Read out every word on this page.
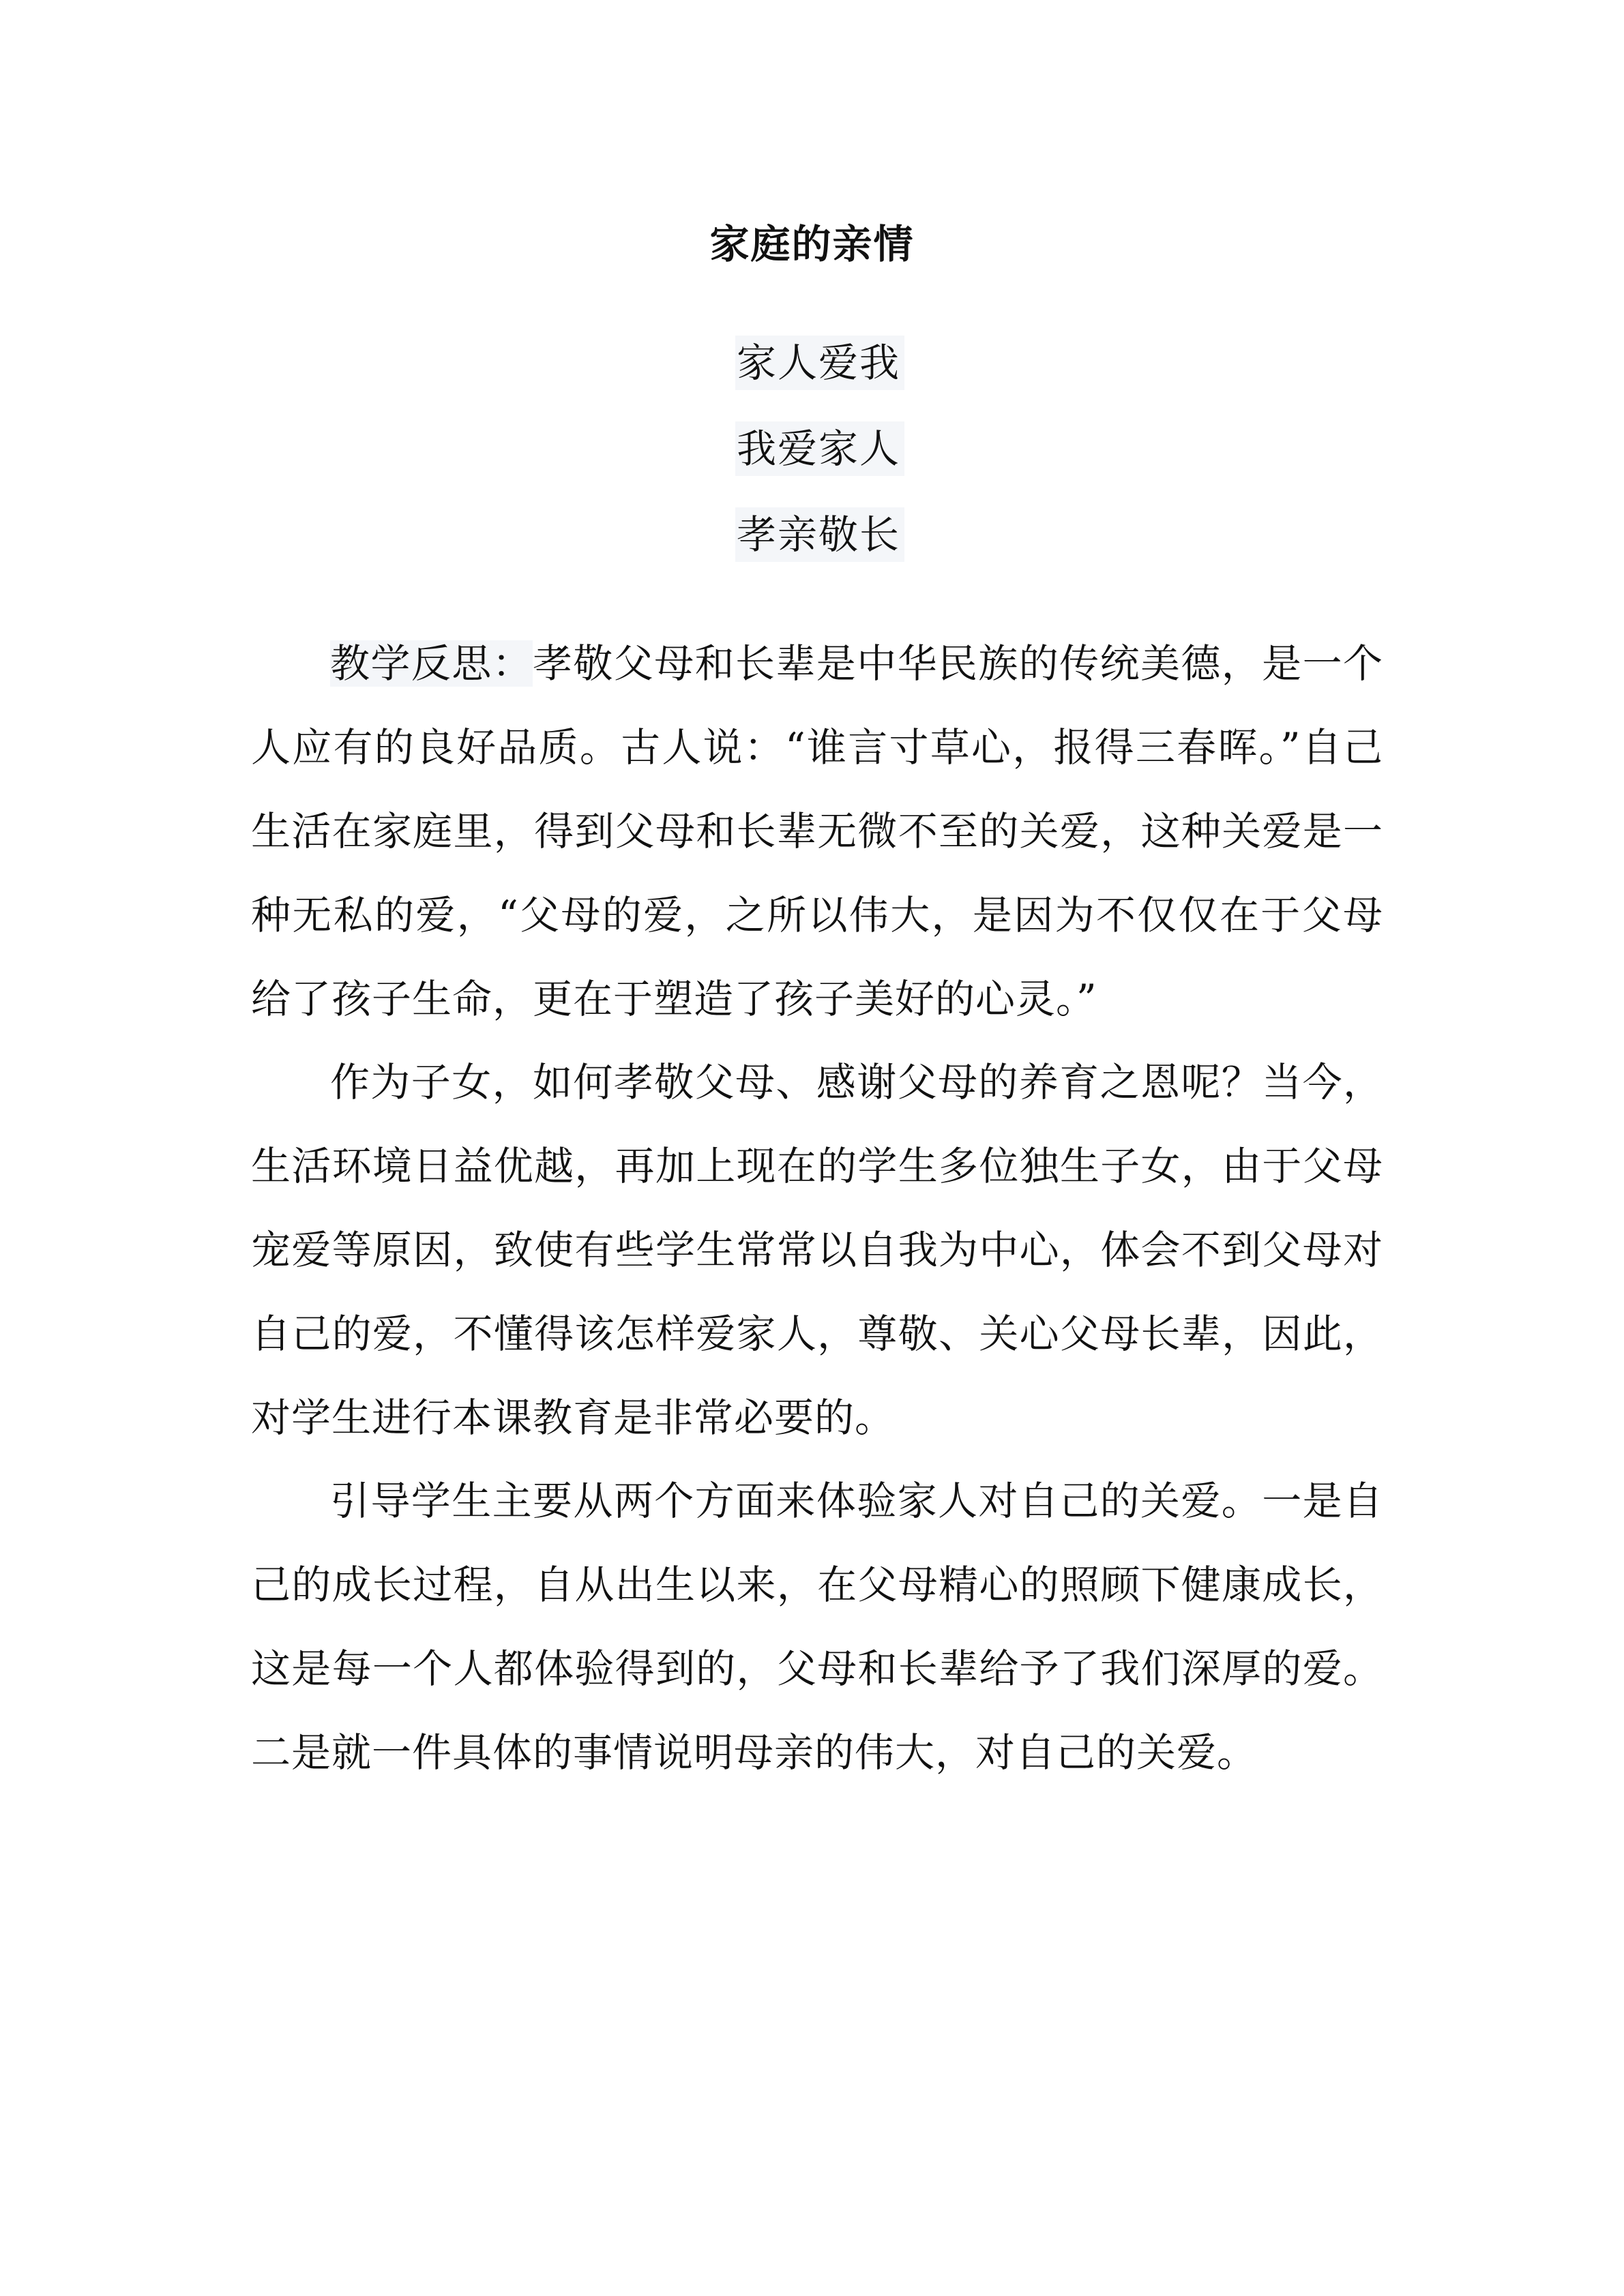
家庭的亲情
家人爱我
我爱家人
孝亲敬长

教学反思：孝敬父母和长辈是中华民族的传统美德，是一个人应有的良好品质。古人说：“谁言寸草心，报得三春晖。”自己生活在家庭里，得到父母和长辈无微不至的关爱，这种关爱是一种无私的爱，“父母的爱，之所以伟大，是因为不仅仅在于父母给了孩子生命，更在于塑造了孩子美好的心灵。”

作为子女，如何孝敬父母、感谢父母的养育之恩呢？当今，生活环境日益优越，再加上现在的学生多位独生子女，由于父母宠爱等原因，致使有些学生常常以自我为中心，体会不到父母对自己的爱，不懂得该怎样爱家人，尊敬、关心父母长辈，因此，对学生进行本课教育是非常必要的。

引导学生主要从两个方面来体验家人对自己的关爱。一是自己的成长过程，自从出生以来，在父母精心的照顾下健康成长，这是每一个人都体验得到的，父母和长辈给予了我们深厚的爱。二是就一件具体的事情说明母亲的伟大，对自己的关爱。
